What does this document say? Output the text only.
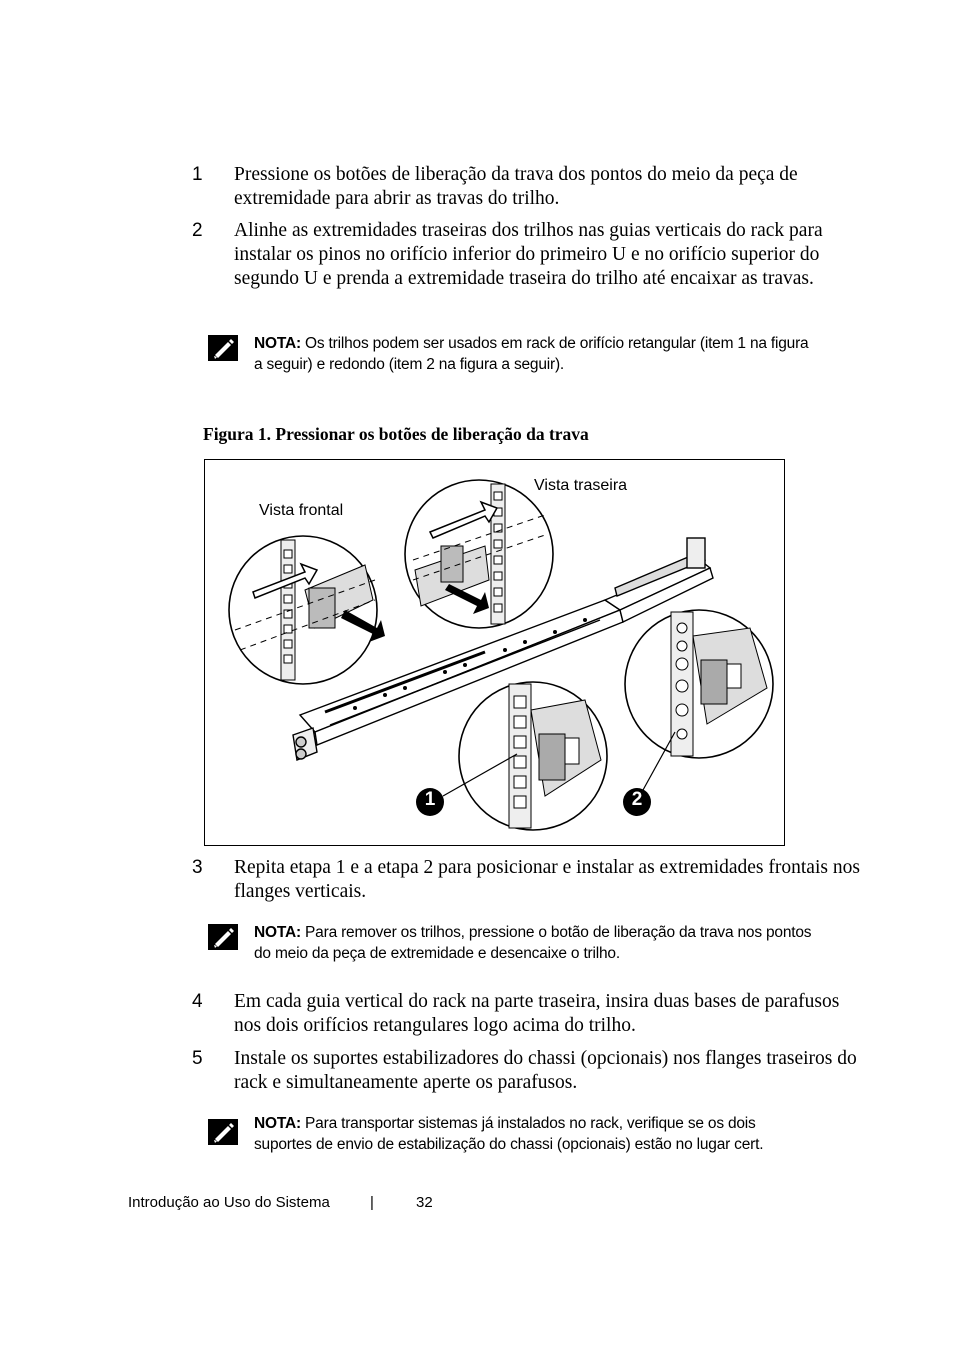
1 Pressione os botões de liberação da trava dos pontos do meio da peça de extremidade para abrir as travas do trilho.
2 Alinhe as extremidades traseiras dos trilhos nas guias verticais do rack para instalar os pinos no orifício inferior do primeiro U e no orifício superior do segundo U e prenda a extremidade traseira do trilho até encaixar as travas.
NOTA: Os trilhos podem ser usados em rack de orifício retangular (item 1 na figura a seguir) e redondo (item 2 na figura a seguir).
Figura 1. Pressionar os botões de liberação da trava
Vista frontal
Vista traseira
1	2
3 Repita etapa 1 e a etapa 2 para posicionar e instalar as extremidades frontais nos flanges verticais.
NOTA: Para remover os trilhos, pressione o botão de liberação da trava nos pontos do meio da peça de extremidade e desencaixe o trilho.
4 Em cada guia vertical do rack na parte traseira, insira duas bases de parafusos nos dois orifícios retangulares logo acima do trilho.
5 Instale os suportes estabilizadores do chassi (opcionais) nos flanges traseiros do rack e simultaneamente aperte os parafusos.
NOTA: Para transportar sistemas já instalados no rack, verifique se os dois suportes de envio de estabilização do chassi (opcionais) estão no lugar cert.
Introdução ao Uso do Sistema	|	32
